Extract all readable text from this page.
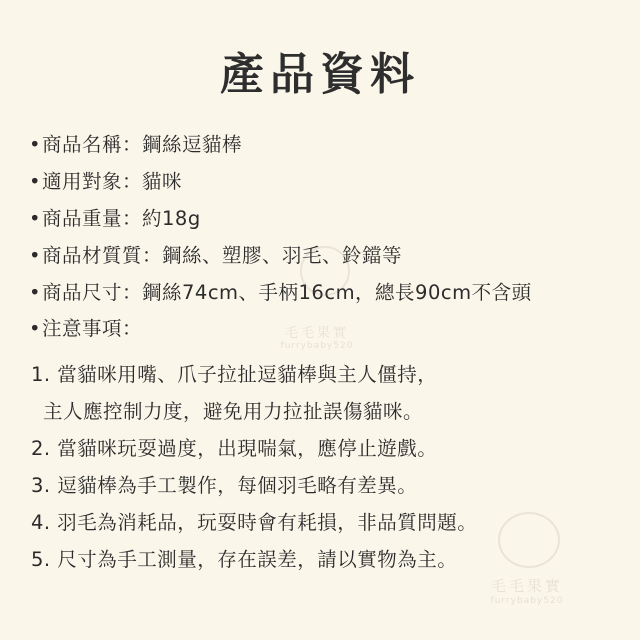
產品資料
•商品名稱：鋼絲逗貓棒
•適用對象：貓咪
•商品重量：約18g
•商品材質質：鋼絲、塑膠、羽毛、鈴鐺等
•商品尺寸：鋼絲74cm、手柄16cm，總長90cm不含頭
•注意事項：
1. 當貓咪用嘴、爪子拉扯逗貓棒與主人僵持，
主人應控制力度，避免用力拉扯誤傷貓咪。
2. 當貓咪玩耍過度，出現喘氣，應停止遊戲。
3. 逗貓棒為手工製作，每個羽毛略有差異。
4. 羽毛為消耗品，玩耍時會有耗損，非品質問題。
5. 尺寸為手工測量，存在誤差，請以實物為主。
毛毛果實
furrybaby520
毛毛果實
furrybaby520
